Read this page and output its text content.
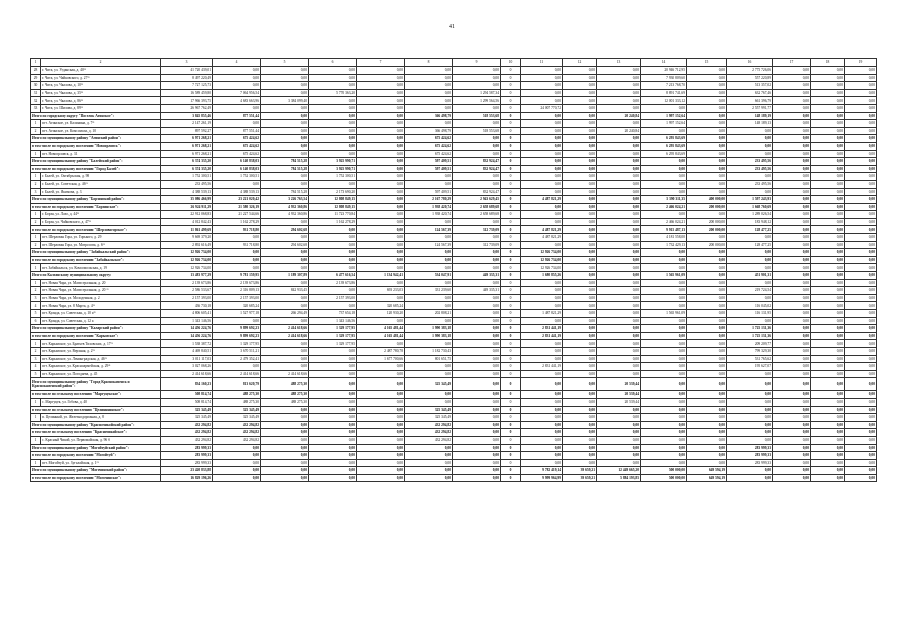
41
1	2	3	4	5	6	7	8	9	10	11	12	13	14	15	16	17	18	19
28	г. Чита, ул. Угданская, д. 40²¹	41 720 439,01	0,00	0,00	0,00	0,00	0,00	0,00	0	0,00	0,00	0,00	20 946 712,95	0,00	2 775 726,06	0,00	0,00	0,00
29	г. Чита, ул. Чайковского, д. 27²¹	8 497 220,49	0,00	0,00	0,00	0,00	0,00	0,00	0	0,00	0,00	0,00	7 930 809,60	0,00	557 220,89	0,00	0,00	0,00
30	г. Чита, ул. Чкалова, д. 10²¹	7 727 125,73	0,00	0,00	0,00	0,00	0,00	0,00	0	0,00	0,00	0,00	7 213 768,70	0,00	513 357,02	0,00	0,00	0,00
31	г. Чита, ул. Чкалова, д. 35²¹	16 589 459,80	7 064 956,54	0,00	5 770 363,20	0,00	0,00	1 294 587,34	0	0,00	0,00	0,00	8 891 741,69	0,00	632 767,46	0,00	0,00	0,00
32	г. Чита, ул. Чкалова, д. 86²¹	17 966 393,75	4 683 663,96	3 384 099,40	0,00	0,00	0,00	1 299 564,56	0	0,00	0,00	0,00	12 001 333,12	0,00	661 396,79	0,00	0,00	0,00
33	г. Чита, ул. Шилова, д. 89²¹	26 967 762,49	0,00	0,00	0,00	0,00	0,00	0,00	0	24 007 770,72	0,00	0,00	0,00	0,00	2 557 991,77	0,00	0,00	0,00
Итого по городскому округу "Поселок Агинское":		3 845 855,46	877 551,44	0,00	0,00	0,00	366 498,79	518 553,68	0	0,00	0,00	20 240,84	1 997 152,64	0,00	148 189,19	0,00	0,00	0,00
1	пгт. Агинское, ул. Калинина, д. 7²¹	2 147 261,19	0,00	0,00	0,00	0,00	0,00	0,00	0	0,00	0,00	0,00	1 997 152,64	0,00	148 189,13	0,00	0,00	0,00
2	пгт. Агинское, ул. Комсомола, д. 10	897 592,27	877 551,44	0,00	0,00	0,00	366 498,79	518 553,68	0	0,00	0,00	20 240,84	0,00	0,00	0,00	0,00	0,00	0,00
Итого по муниципальному району "Агинский район":		6 971 268,21	675 424,62	0,00	0,00	0,00	675 424,62	0,00	0	0,00	0,00	0,00	6 295 843,69	0,00	0,00	0,00	0,00	0,00
в том числе по городскому поселению "Новоорловск":		6 971 268,21	675 424,62	0,00	0,00	0,00	675 424,62	0,00	0	0,00	0,00	0,00	6 295 843,69	0,00	0,00	0,00	0,00	0,00
1	пгт. Новоорловск, д. 31	6 971 268,21	675 424,62	0,00	0,00	0,00	675 424,62	0,00	0	0,00	0,00	0,00	6 295 843,69	0,00	0,00	0,00	0,00	0,00
Итого по муниципальному району "Балейский район":		6 374 335,20	6 140 838,03	784 515,28	3 925 990,71	0,00	597 409,51	832 924,47	0	0,00	0,00	0,00	0,00	0,00	233 495,56	0,00	0,00	0,00
в том числе по городскому поселению "Город Балей":		6 374 335,20	6 140 838,03	784 515,28	3 925 990,71	0,00	597 409,51	832 924,47	0	0,00	0,00	0,00	0,00	0,00	233 495,56	0,00	0,00	0,00
1	г. Балей, ул. Октябрьская, д. 98	1 752 300,51	1 752 300,51	0,00	1 752 300,51	0,00	0,00	0,00	0	0,00	0,00	0,00	0,00	0,00	0,00	0,00	0,00	0,00
2	г. Балей, ул. Советская, д. 46²¹	233 495,56	0,00	0,00	0,00	0,00	0,00	0,00	0	0,00	0,00	0,00	0,00	0,00	233 495,56	0,00	0,00	0,00
3	г. Балей, ул. Якимова, д. 3	4 388 539,13	4 388 539,13	784 515,28	2 173 690,20	0,00	597 409,51	832 924,47	0	0,00	0,00	0,00	0,00	0,00	0,00	0,00	0,00	0,00
Итого по муниципальному району "Борзинский район":		35 086 466,99	23 221 020,42	3 226 763,54	12 808 849,15	0,00	2 167 780,29	2 943 629,45	0	4 487 821,29	0,00	0,00	5 390 311,35	400 000,00	1 597 243,93	0,00	0,00	0,00
в том числе по городскому поселению "Борзинское":		26 924 911,29	21 580 326,19	4 932 360,86	12 808 849,15	0,00	1 938 420,74	2 658 689,68	0	0,00	0,00	0,00	2 466 024,21	200 000,00	1 668 760,69	0,00	0,00	0,00
1	г. Борзя, ул. Лазо, д. 44²¹	22 912 068,83	21 227 544,66	4 932 360,86	11 723 770,84	0,00	1 938 420,74	2 658 689,68	0	0,00	0,00	0,00	0,00	0,00	1 289 026,54	0,00	0,00	0,00
2	г. Борзя, ул. Чайковского, д. 47²¹	4 012 842,43	1 162 278,29	0,00	1 162 278,29	0,00	0,00	0,00	0	0,00	0,00	0,00	2 466 024,21	200 000,00	183 948,12	0,00	0,00	0,00
в том числе по городскому поселению "Шерловогорское":		11 861 499,69	931 718,80	294 602,68	0,00	0,00	124 567,39	312 739,09	0	4 487 821,29	0,00	0,00	9 915 487,13	200 000,00	128 477,25	0,00	0,00	0,00
1	пгт. Шерловая Гора, ул. Горького, д. 29	9 669 379,20	0,00	0,00	0,00	0,00	0,00	0,00	0	4 487 821,29	0,00	0,00	4 181 558,00	0,00	0,00	0,00	0,00	0,00
2	пгт. Шерловая Гора, ул. Матросова, д. 6²¹	2 892 616,49	931 718,80	294 602,68	0,00	0,00	124 567,39	312 739,09	0	0,00	0,00	0,00	1 732 429,13	200 000,00	128 477,25	0,00	0,00	0,00
Итого по муниципальному району "Забайкальский район":		12 926 734,00	0,00	0,00	0,00	0,00	0,00	0,00	0	12 926 734,00	0,00	0,00	0,00	0,00	0,00	0,00	0,00	0,00
в том числе по городскому поселению "Забайкальское":		12 926 734,00	0,00	0,00	0,00	0,00	0,00	0,00	0	12 926 734,00	0,00	0,00	0,00	0,00	0,00	0,00	0,00	0,00
1	пгт. Забайкальск, ул. Комсомольская, д. 19	12 926 734,00	0,00	0,00	0,00	0,00	0,00	0,00	0	12 926 734,00	0,00	0,00	0,00	0,00	0,00	0,00	0,00	0,00
Итого по Калганскому муниципальному округу:		13 483 977,29	9 781 159,95	1 189 307,89	6 477 616,54	1 134 942,41	534 047,91	449 335,31	0	1 680 855,26	0,00	0,00	1 565 961,09	0,00	451 901,31	0,00	0,00	0,00
1	пгт. Новая Чара, ул. Магистральная, д. 20	2 139 673,86	2 139 673,86	0,00	2 139 673,86	0,00	0,00	0,00	0	0,00	0,00	0,00	0,00	0,00	0,00	0,00	0,00	0,00
2	пгт. Новая Чара, ул. Магистральная, д. 20 ²¹	2 586 533,67	2 316 809,13	842 933,45	0,00	693 233,03	331 239,60	449 335,31	0	0,00	0,00	0,00	0,00	0,00	219 724,54	0,00	0,00	0,00
3	пгт. Новая Чара, ул. Молодежная, д. 2	2 157 393,00	2 157 393,00	0,00	2 157 393,00	0,00	0,00	0,00	0	0,00	0,00	0,00	0,00	0,00	0,00	0,00	0,00	0,00
4	пгт. Новая Чара, ул. 8 Марта, д. 4²¹	436 730,18	320 685,24	0,00	0,00	320 685,24	0,00	0,00	0	0,00	0,00	0,00	0,00	0,00	116 045,02	0,00	0,00	0,00
5	пгт. Куанда, ул. Советская, д. 10 а²¹	4 806 605,41	1 527 977,18	266 294,49	737 654,18	120 930,20	202 808,21	0,00	0	1 487 821,29	0,00	0,00	1 565 961,09	0,00	116 131,95	0,00	0,00	0,00
6	пгт. Куанда, ул. Советская, д. 12 а	1 343 146,56	0,00	0,00	1 343 146,56	0,00	0,00	0,00	0	0,00	0,00	0,00	0,00	0,00	0,00	0,00	0,00	0,00
Итого по муниципальному району "Каларский район":		14 456 224,76	9 899 692,23	2 414 618,66	1 329 177,95	4 165 481,44	1 990 383,18	0,00	0	2 831 441,19	0,00	0,00	0,00	0,00	1 725 131,36	0,00	0,00	0,00
в том числе по городскому поселению "Карымское":		14 456 224,76	9 899 692,23	2 414 618,66	1 329 177,95	4 165 481,44	1 990 383,18	0,00	0	2 831 441,19	0,00	0,00	0,00	0,00	1 725 131,36	0,00	0,00	0,00
1	пгт. Карымское, ул. Братьев Тиховских, д. 17²¹	1 538 387,72	1 329 177,95	0,00	1 329 177,95	0,00	0,00	0,00	0	0,00	0,00	0,00	0,00	0,00	209 209,77	0,00	0,00	0,00
2	пгт. Карымское, ул. Верхняя, д. 2²¹	4 469 840,51	3 670 511,21	0,00	0,00	2 487 780,78	1 182 730,43	0,00	0	0,00	0,00	0,00	0,00	0,00	799 329,30	0,00	0,00	0,00
3	пгт. Карымское, ул. Ленинградская, д. 46²¹	3 011 117,03	2 479 352,41	0,00	0,00	1 677 700,66	801 651,75	0,00	0	0,00	0,00	0,00	0,00	0,00	531 765,62	0,00	0,00	0,00
4	пгт. Карымское, ул. Красноармейская, д. 29²¹	3 027 068,26	0,00	0,00	0,00	0,00	0,00	0,00	0	2 831 441,19	0,00	0,00	0,00	0,00	195 627,07	0,00	0,00	0,00
5	пгт. Карымское, ул. Погодаева, д. 45	2 414 618,66	2 414 618,66	2 414 618,66	0,00	0,00	0,00	0,00	0	0,00	0,00	0,00	0,00	0,00	0,00	0,00	0,00	0,00
Итого по муниципальному району "Город Краснокаменск и Краснокаменский район":		834 160,23	813 620,79	488 275,30	0,00	0,00	325 345,49	0,00	0	0,00	0,00	20 539,44	0,00	0,00	0,00	0,00	0,00	0,00
в том числе по сельскому поселению "Маргуцекское":		508 814,74	488 275,30	488 275,30	0,00	0,00	0,00	0,00	0	0,00	0,00	20 539,44	0,00	0,00	0,00	0,00	0,00	0,00
1	с. Маргуцек, ул. Гобова, д. 40	508 814,74	488 275,30	488 275,30	0,00	0,00	0,00	0,00	0	0,00	0,00	20 539,44	0,00	0,00	0,00	0,00	0,00	0,00
в том числе по сельскому поселению "Целинннинское":		325 345,49	325 345,49	0,00	0,00	0,00	325 345,49	0,00	0	0,00	0,00	0,00	0,00	0,00	0,00	0,00	0,00	0,00
1	п. Целинный, ул. Железнодорожная, д. 8	325 345,49	325 345,49	0,00	0,00	0,00	325 345,49	0,00	0	0,00	0,00	0,00	0,00	0,00	0,00	0,00	0,00	0,00
Итого по муниципальному району "Красночикойский район":		432 294,82	432 294,82	0,00	0,00	0,00	432 294,82	0,00	0	0,00	0,00	0,00	0,00	0,00	0,00	0,00	0,00	0,00
в том числе по сельскому поселению "Красночикойское":		432 294,82	432 294,82	0,00	0,00	0,00	432 294,82	0,00	0	0,00	0,00	0,00	0,00	0,00	0,00	0,00	0,00	0,00
1	с. Красный Чикой, ул. Первомайская, д. 96 б	432 294,82	432 294,82	0,00	0,00	0,00	432 294,82	0,00	0	0,00	0,00	0,00	0,00	0,00	0,00	0,00	0,00	0,00
Итого по муниципальному району "Могойтуйский район":		283 999,33	0,00	0,00	0,00	0,00	0,00	0,00	0	0,00	0,00	0,00	0,00	0,00	283 999,33	0,00	0,00	0,00
в том числе по городскому поселению "Могойтуй":		283 999,33	0,00	0,00	0,00	0,00	0,00	0,00	0	0,00	0,00	0,00	0,00	0,00	283 999,33	0,00	0,00	0,00
1	пгт. Могойтуй, ул. Зугалайская, д. 1²¹	283 999,33	0,00	0,00	0,00	0,00	0,00	0,00	0	0,00	0,00	0,00	0,00	0,00	283 999,33	0,00	0,00	0,00
Итого по муниципальному району "Могочинский район":		23 420 833,88	0,00	0,00	0,00	0,00	0,00	0,00	0	9 782 419,14	39 659,21	12 449 665,20	500 000,00	649 594,19	0,00	0,00	0,00	0,00
в том числе по городскому поселению "Могочинское":		16 829 196,26	0,00	0,00	0,00	0,00	0,00	0,00	0	9 999 964,99	39 659,21	5 884 193,85	500 000,00	649 594,19	0,00	0,00	0,00	0,00
